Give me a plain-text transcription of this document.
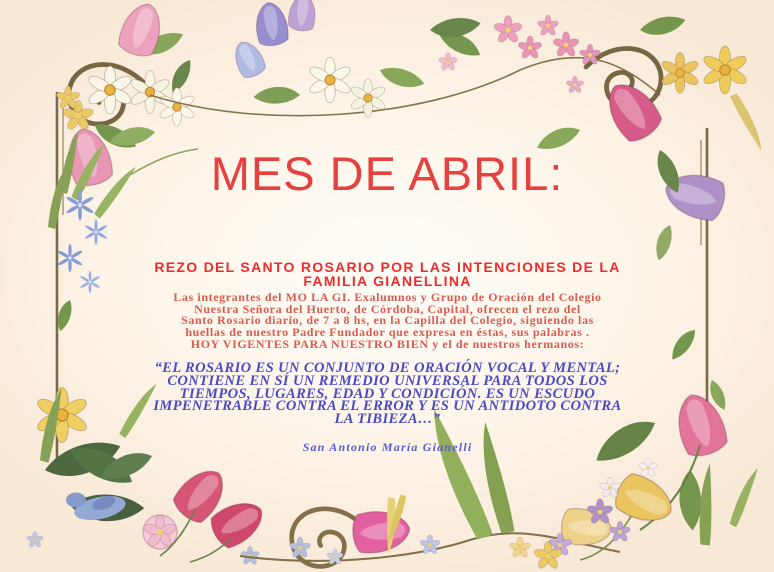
MES DE ABRIL:
REZO DEL SANTO ROSARIO POR LAS INTENCIONES DE LA
FAMILIA GIANELLINA
Las integrantes del MO LA GI. Exalumnos y Grupo de Oración del Colegio
Nuestra Señora del Huerto, de Córdoba, Capital, ofrecen el rezo del
Santo Rosario diario, de 7 a 8 hs, en la Capilla del Colegio, siguiendo las
huellas de nuestro Padre Fundador que expresa en éstas, sus palabras .
HOY VIGENTES PARA NUESTRO BIEN y el de nuestros hermanos:
“EL ROSARIO ES UN CONJUNTO DE ORACIÓN VOCAL Y MENTAL;
CONTIENE EN SÍ UN REMEDIO UNIVERSAL PARA TODOS LOS
TIEMPOS, LUGARES, EDAD Y CONDICIÓN. ES UN ESCUDO
IMPENETRABLE CONTRA EL ERROR Y ES UN ANTIDOTO CONTRA
LA TIBIEZA…”
San Antonio María Gianelli
